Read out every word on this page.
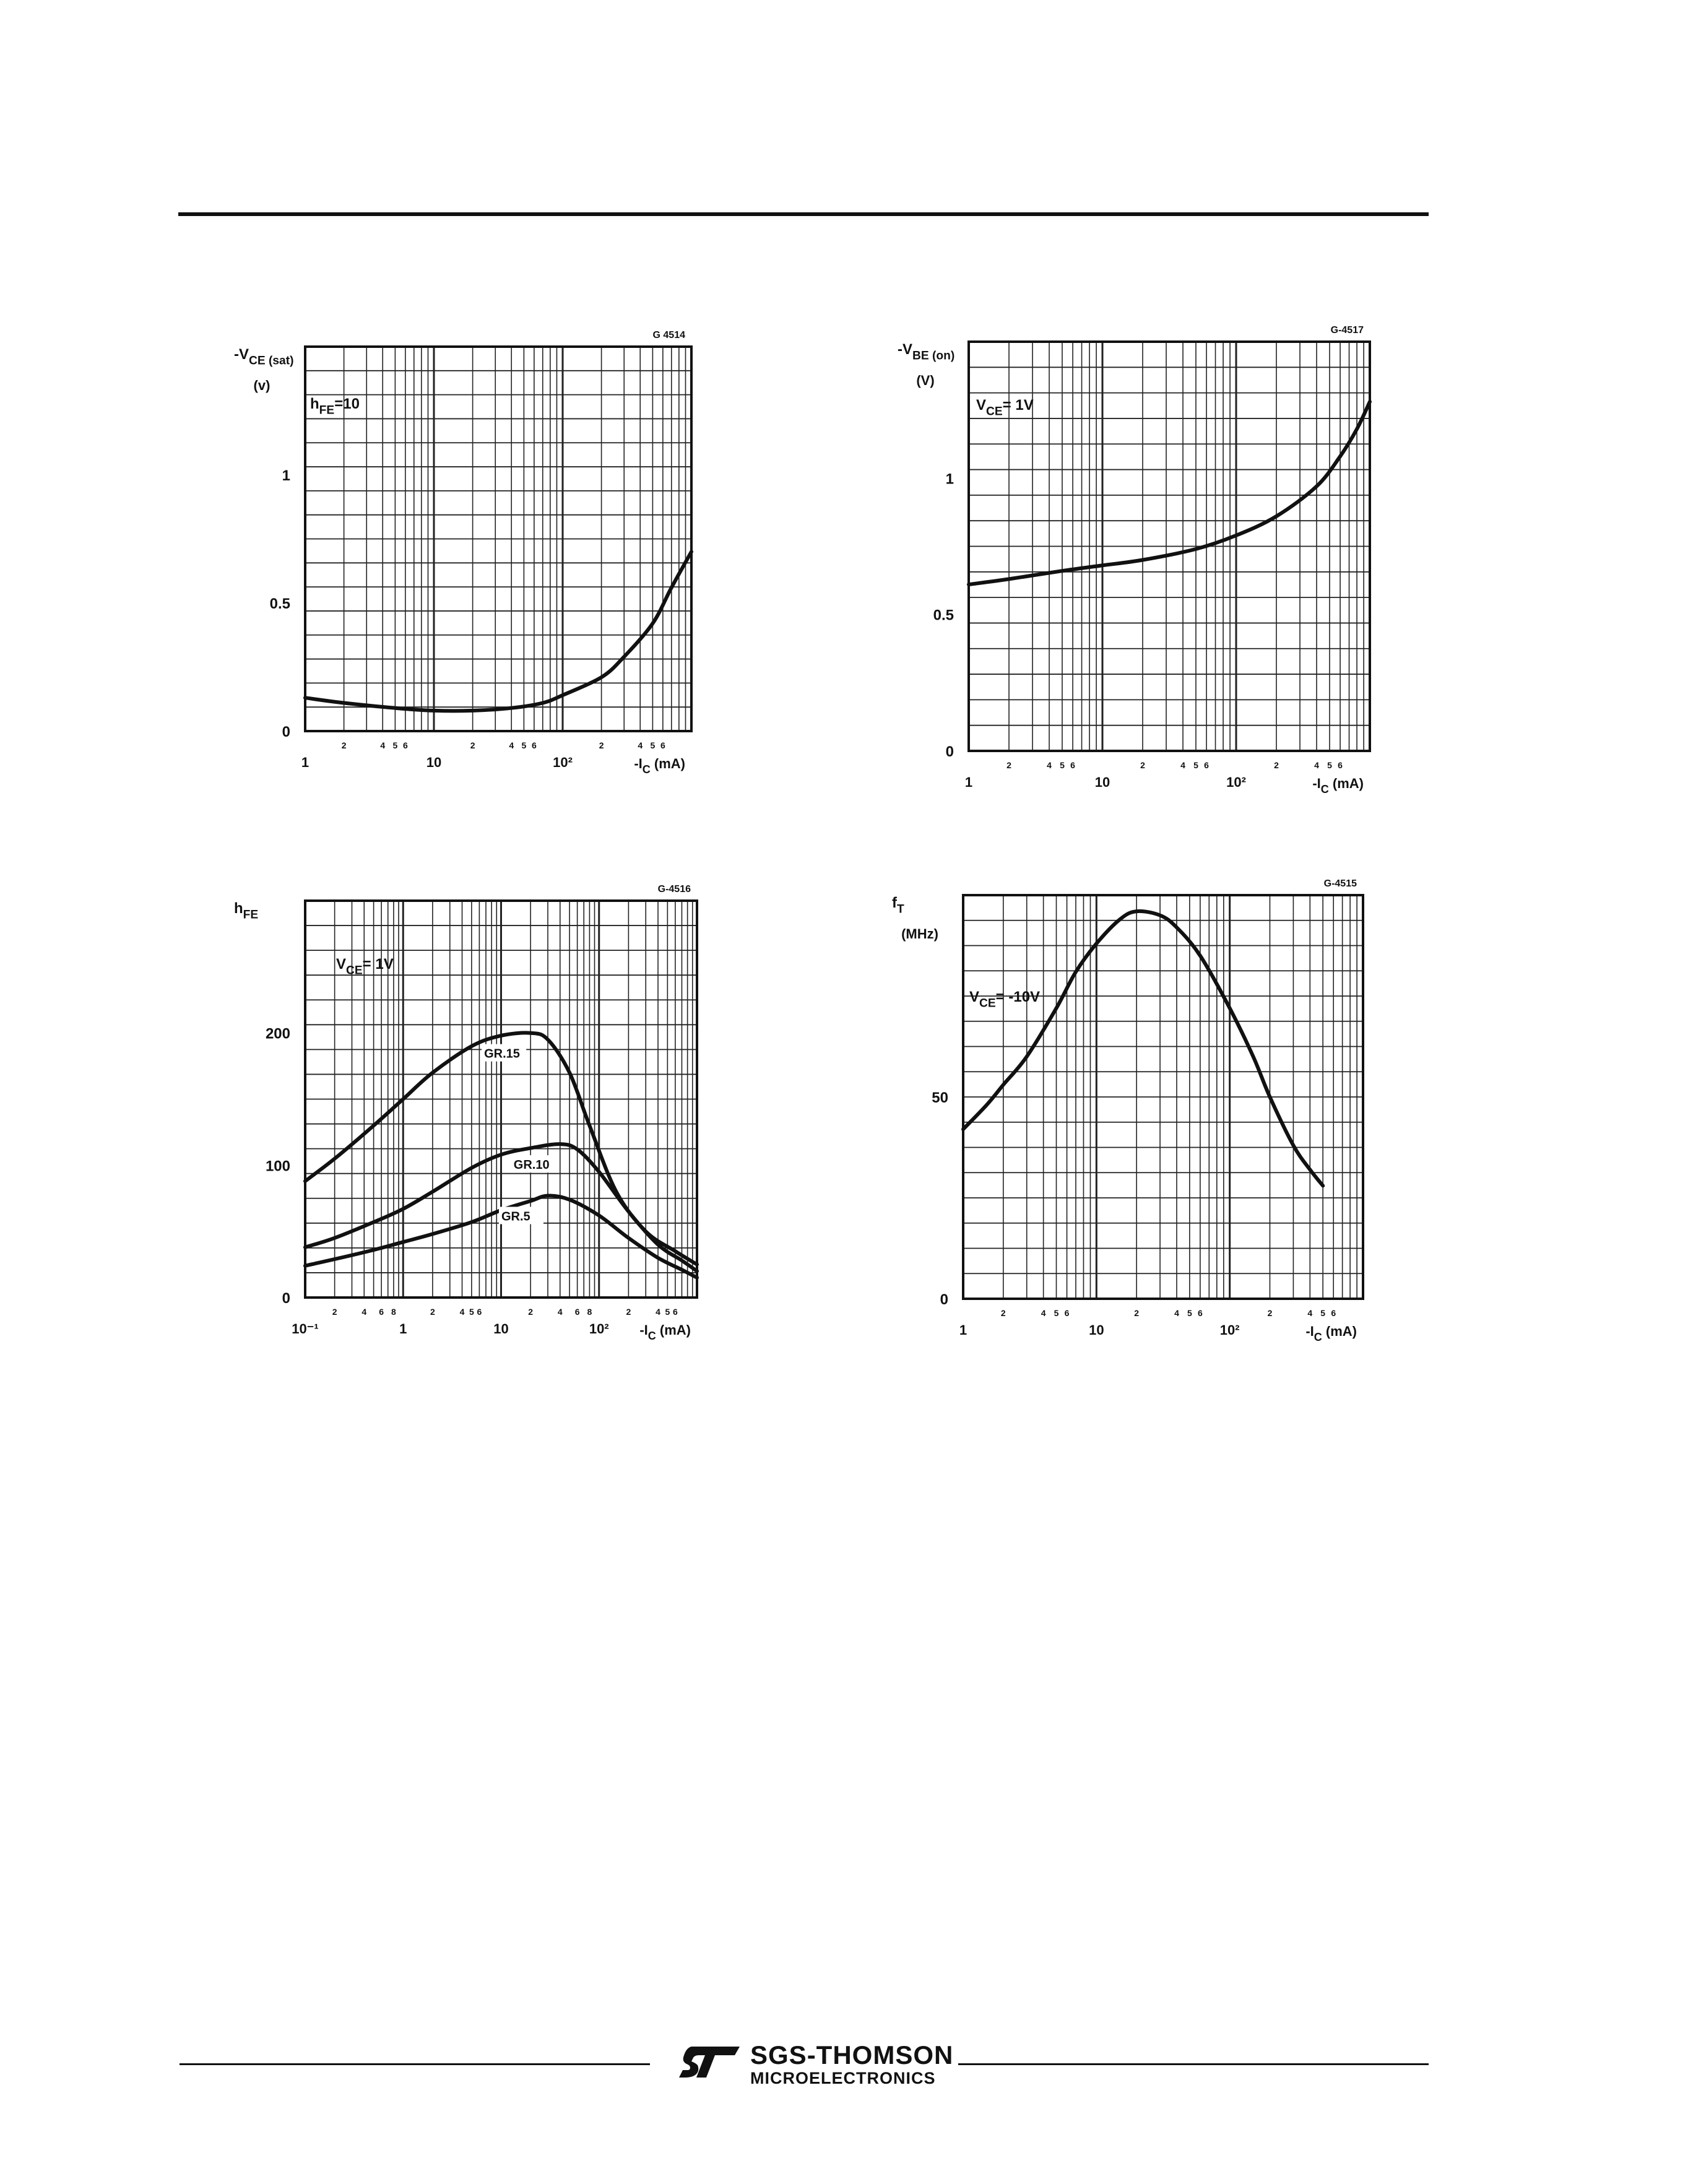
0
0.5
1
1
2	4 5 6
10
2	4 5 6
10²
2	4 5 6
G 4514
$-V_{CE (sat)}$
(v)
$-I_C$ (mA)
$h_{FE}=10$
0
0.5
1
1
2	4 5 6
10
2	4 5 6
10²
2	4 5 6
G-4517
$-V_{BE (on)}$
(V)
$-I_C$ (mA)
$V_{CE}= 1V$
0
100
200
10⁻¹
2	4 6 8
1
2	4 5 6
10
2	4 6 8
10²
2	4 5 6
G-4516
$h_{FE}$
$-I_C$ (mA)
$V_{CE}= 1V$
GR.15
GR.10
GR.5
0
50
1
2	4 5 6
10
2	4 5 6
10²
2	4 5 6
G-4515
$f_T$
(MHz)
$-I_C$ (mA)
$V_{CE}= -10V$
SGS-THOMSON
MICROELECTRONICS
